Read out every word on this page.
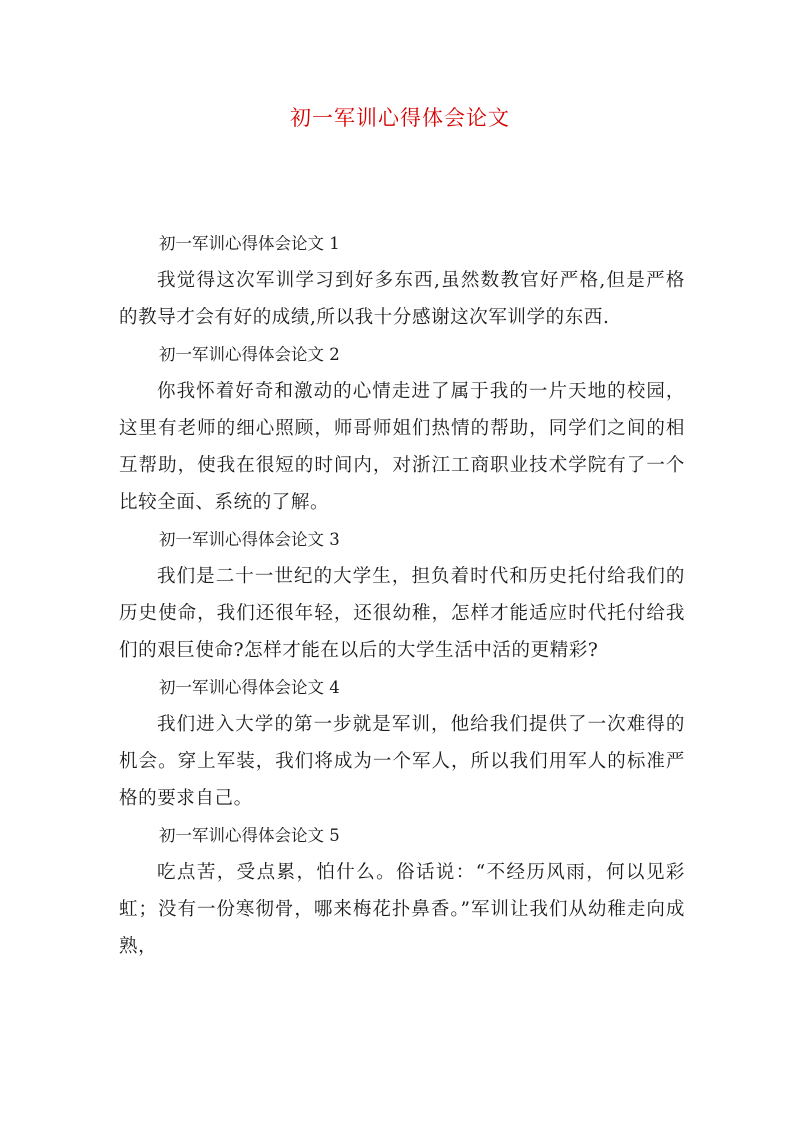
初一军训心得体会论文

初一军训心得体会论文 1

我觉得这次军训学习到好多东西,虽然数教官好严格,但是严格的教导才会有好的成绩,所以我十分感谢这次军训学的东西.

初一军训心得体会论文 2

你我怀着好奇和激动的心情走进了属于我的一片天地的校园，这里有老师的细心照顾，师哥师姐们热情的帮助，同学们之间的相互帮助，使我在很短的时间内，对浙江工商职业技术学院有了一个比较全面、系统的了解。

初一军训心得体会论文 3

我们是二十一世纪的大学生，担负着时代和历史托付给我们的历史使命，我们还很年轻，还很幼稚，怎样才能适应时代托付给我们的艰巨使命?怎样才能在以后的大学生活中活的更精彩?

初一军训心得体会论文 4

我们进入大学的第一步就是军训，他给我们提供了一次难得的机会。穿上军装，我们将成为一个军人，所以我们用军人的标准严格的要求自己。

初一军训心得体会论文 5

吃点苦，受点累，怕什么。俗话说：“不经历风雨，何以见彩虹；没有一份寒彻骨，哪来梅花扑鼻香。”军训让我们从幼稚走向成熟，
